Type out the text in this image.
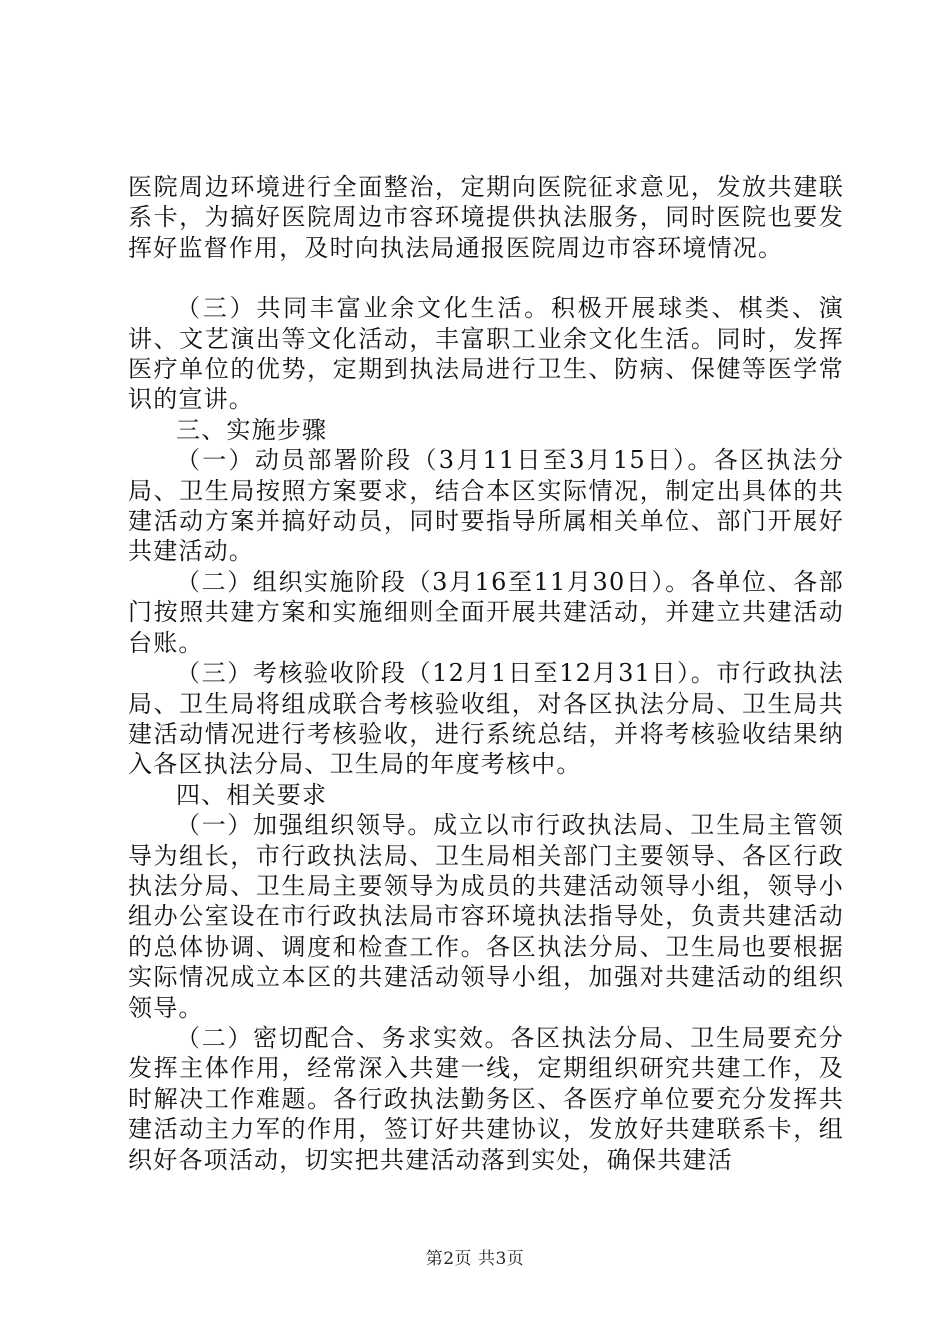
医院周边环境进行全面整治，定期向医院征求意见，发放共建联系卡，为搞好医院周边市容环境提供执法服务，同时医院也要发挥好监督作用，及时向执法局通报医院周边市容环境情况。

（三）共同丰富业余文化生活。积极开展球类、棋类、演讲、文艺演出等文化活动，丰富职工业余文化生活。同时，发挥医疗单位的优势，定期到执法局进行卫生、防病、保健等医学常识的宣讲。

三、实施步骤

（一）动员部署阶段（3月11日至3月15日）。各区执法分局、卫生局按照方案要求，结合本区实际情况，制定出具体的共建活动方案并搞好动员，同时要指导所属相关单位、部门开展好共建活动。

（二）组织实施阶段（3月16至11月30日）。各单位、各部门按照共建方案和实施细则全面开展共建活动，并建立共建活动台账。

（三）考核验收阶段（12月1日至12月31日）。市行政执法局、卫生局将组成联合考核验收组，对各区执法分局、卫生局共建活动情况进行考核验收，进行系统总结，并将考核验收结果纳入各区执法分局、卫生局的年度考核中。

四、相关要求

（一）加强组织领导。成立以市行政执法局、卫生局主管领导为组长，市行政执法局、卫生局相关部门主要领导、各区行政执法分局、卫生局主要领导为成员的共建活动领导小组，领导小组办公室设在市行政执法局市容环境执法指导处，负责共建活动的总体协调、调度和检查工作。各区执法分局、卫生局也要根据实际情况成立本区的共建活动领导小组，加强对共建活动的组织领导。

（二）密切配合、务求实效。各区执法分局、卫生局要充分发挥主体作用，经常深入共建一线，定期组织研究共建工作，及时解决工作难题。各行政执法勤务区、各医疗单位要充分发挥共建活动主力军的作用，签订好共建协议，发放好共建联系卡，组织好各项活动，切实把共建活动落到实处，确保共建活

第2页 共3页
